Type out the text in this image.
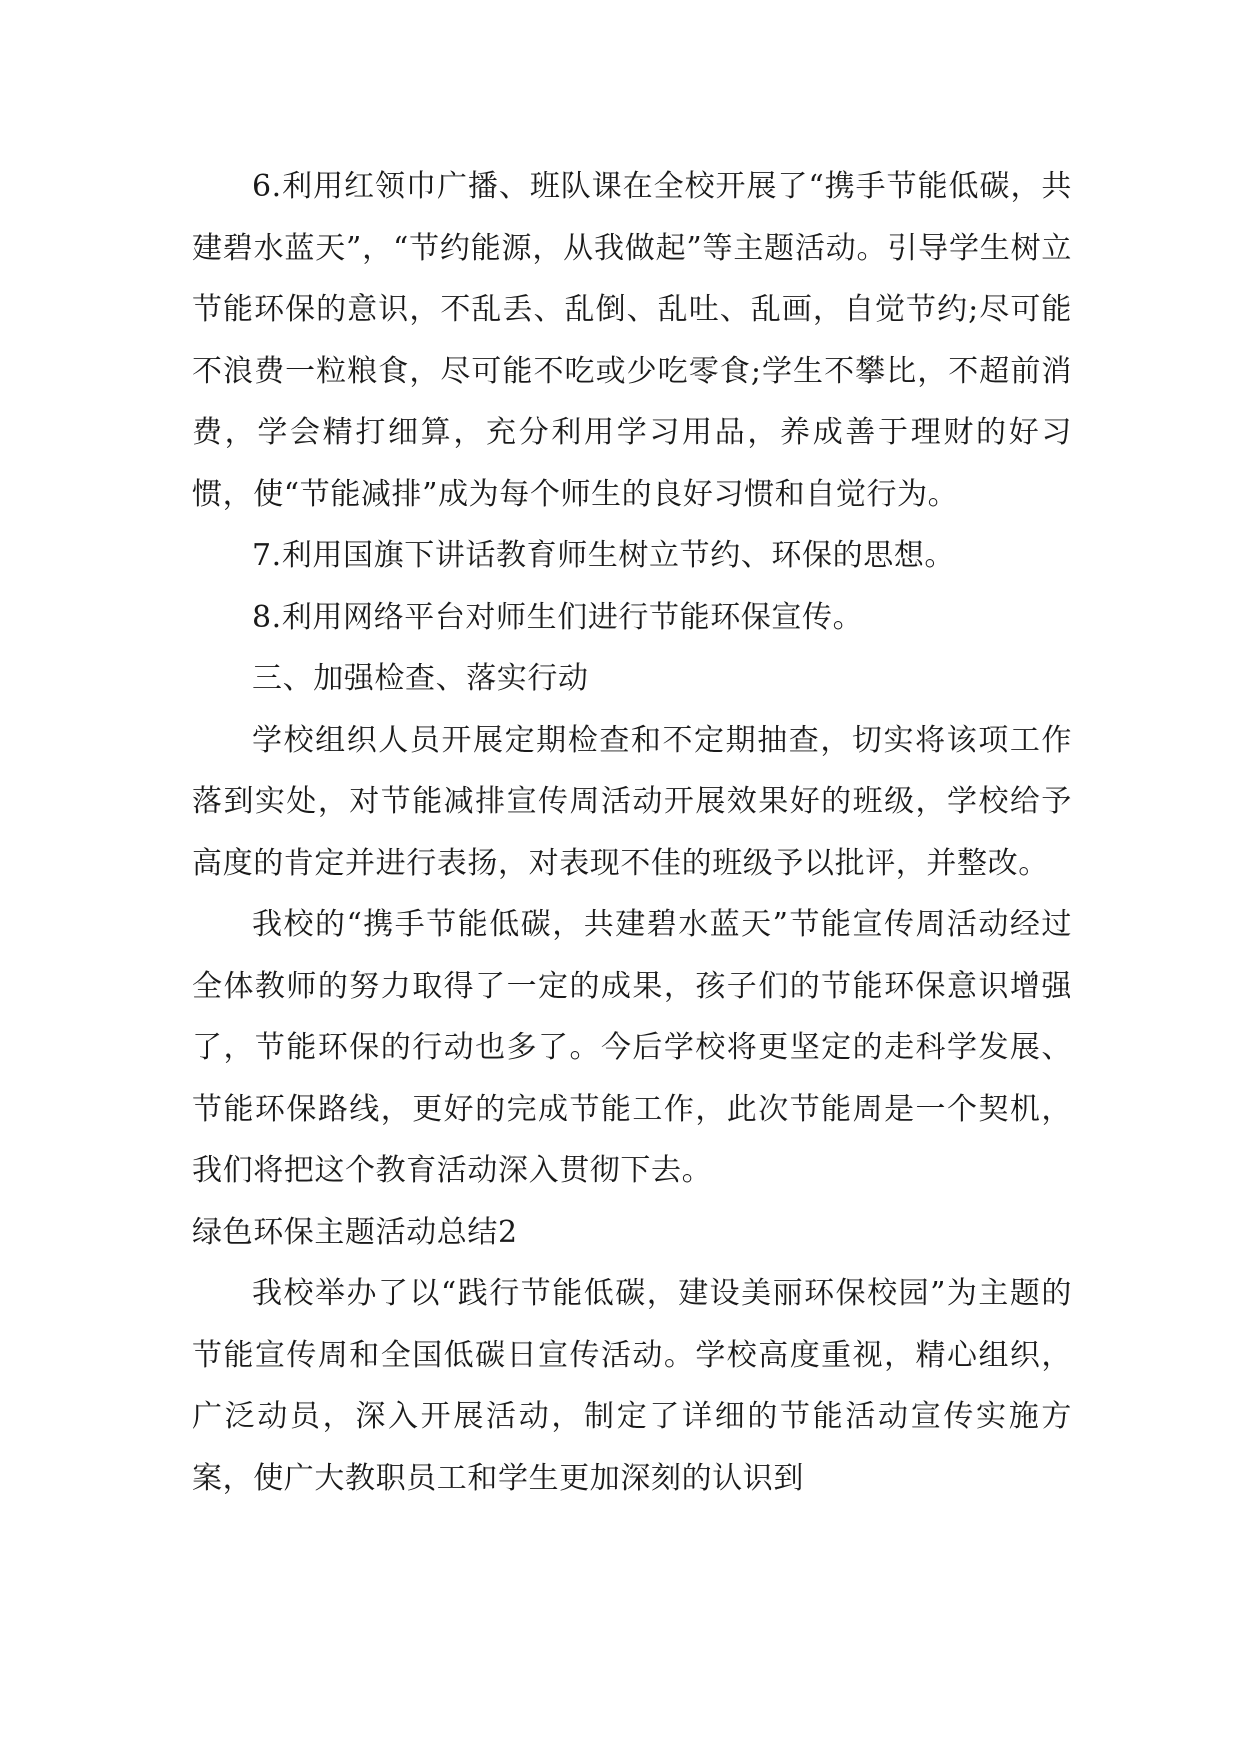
6.利用红领巾广播、班队课在全校开展了“携手节能低碳，共建碧水蓝天”，“节约能源，从我做起”等主题活动。引导学生树立节能环保的意识，不乱丢、乱倒、乱吐、乱画，自觉节约;尽可能不浪费一粒粮食，尽可能不吃或少吃零食;学生不攀比，不超前消费，学会精打细算，充分利用学习用品，养成善于理财的好习惯，使“节能减排”成为每个师生的良好习惯和自觉行为。

7.利用国旗下讲话教育师生树立节约、环保的思想。

8.利用网络平台对师生们进行节能环保宣传。

三、加强检查、落实行动

学校组织人员开展定期检查和不定期抽查，切实将该项工作落到实处，对节能减排宣传周活动开展效果好的班级，学校给予高度的肯定并进行表扬，对表现不佳的班级予以批评，并整改。

我校的“携手节能低碳，共建碧水蓝天”节能宣传周活动经过全体教师的努力取得了一定的成果，孩子们的节能环保意识增强了，节能环保的行动也多了。今后学校将更坚定的走科学发展、节能环保路线，更好的完成节能工作，此次节能周是一个契机，我们将把这个教育活动深入贯彻下去。

绿色环保主题活动总结2

我校举办了以“践行节能低碳，建设美丽环保校园”为主题的节能宣传周和全国低碳日宣传活动。学校高度重视，精心组织，广泛动员，深入开展活动，制定了详细的节能活动宣传实施方案，使广大教职员工和学生更加深刻的认识到
